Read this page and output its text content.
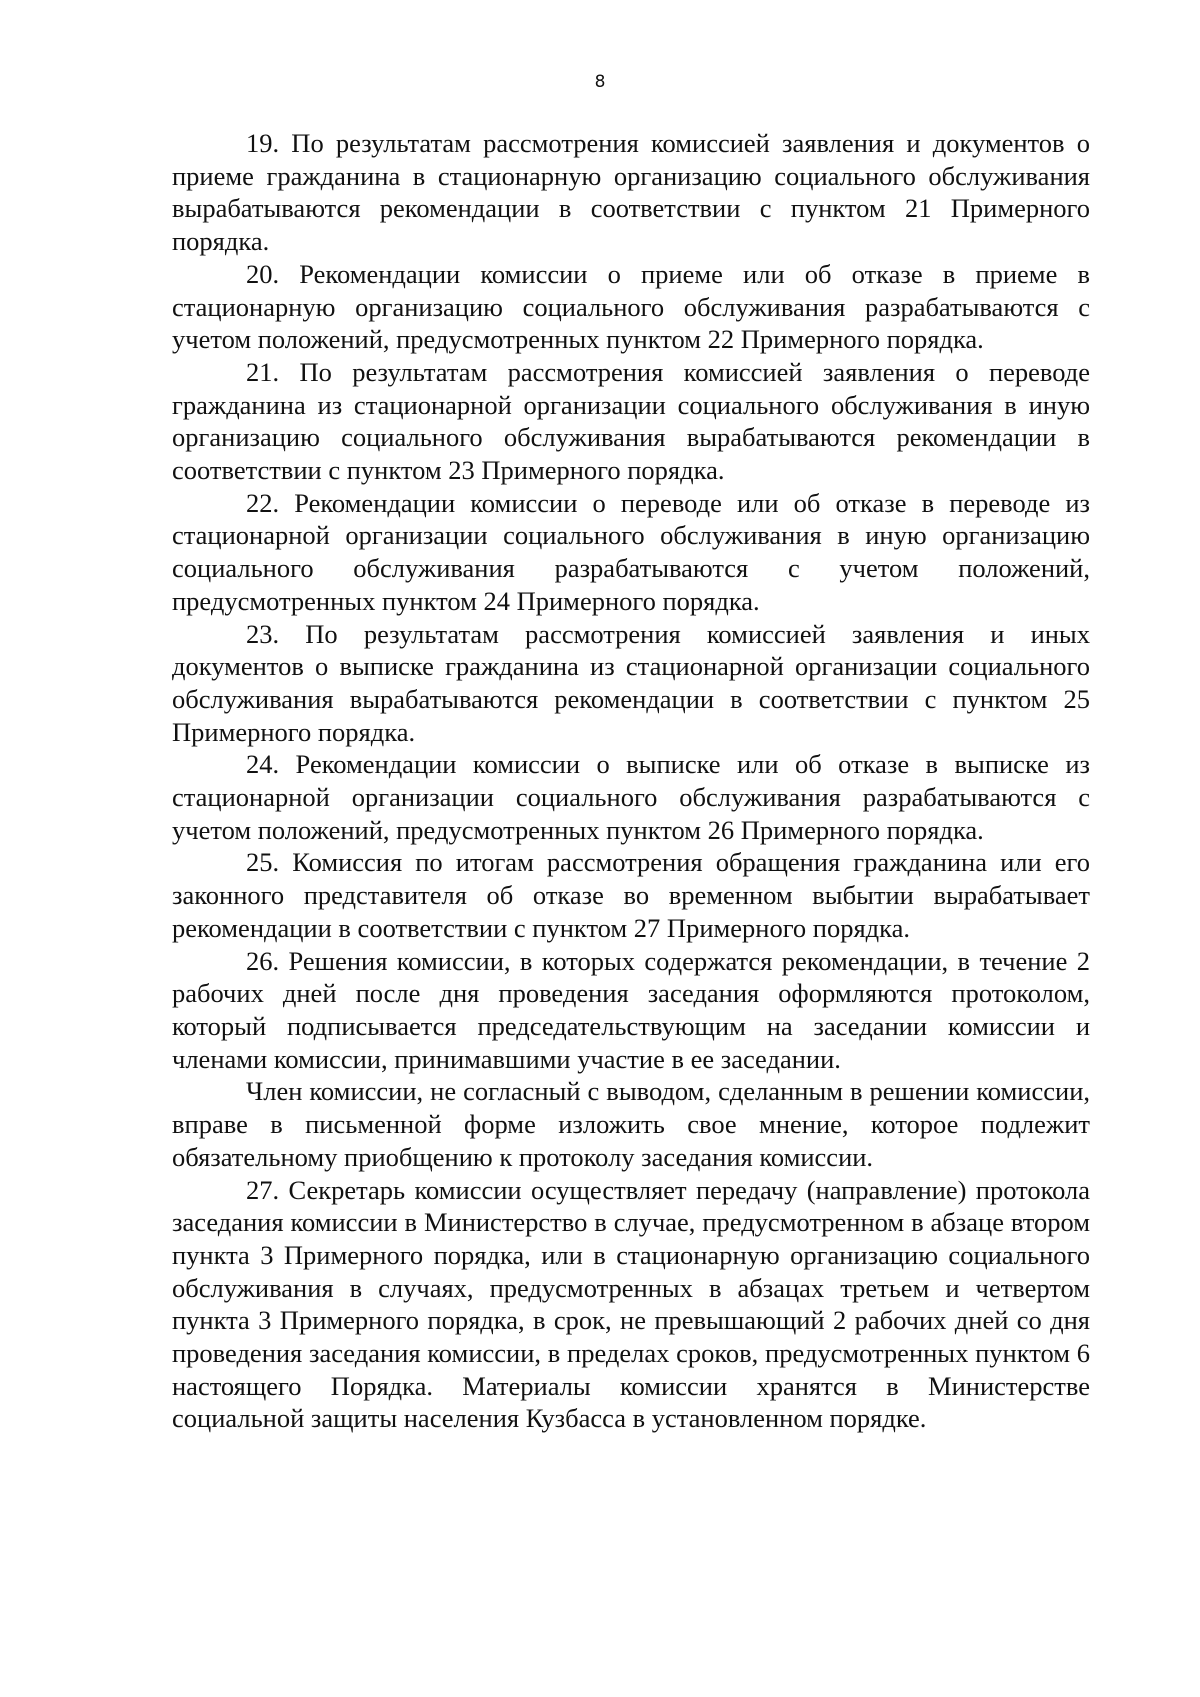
8

19. По результатам рассмотрения комиссией заявления и документов о приеме гражданина в стационарную организацию социального обслуживания вырабатываются рекомендации в соответствии с пунктом 21 Примерного порядка.

20. Рекомендации комиссии о приеме или об отказе в приеме в стационарную организацию социального обслуживания разрабатываются с учетом положений, предусмотренных пунктом 22 Примерного порядка.

21. По результатам рассмотрения комиссией заявления о переводе гражданина из стационарной организации социального обслуживания в иную организацию социального обслуживания вырабатываются рекомендации в соответствии с пунктом 23 Примерного порядка.

22. Рекомендации комиссии о переводе или об отказе в переводе из стационарной организации социального обслуживания в иную организацию социального обслуживания разрабатываются с учетом положений, предусмотренных пунктом 24 Примерного порядка.

23. По результатам рассмотрения комиссией заявления и иных документов о выписке гражданина из стационарной организации социального обслуживания вырабатываются рекомендации в соответствии с пунктом 25 Примерного порядка.

24. Рекомендации комиссии о выписке или об отказе в выписке из стационарной организации социального обслуживания разрабатываются с учетом положений, предусмотренных пунктом 26 Примерного порядка.

25. Комиссия по итогам рассмотрения обращения гражданина или его законного представителя об отказе во временном выбытии вырабатывает рекомендации в соответствии с пунктом 27 Примерного порядка.

26. Решения комиссии, в которых содержатся рекомендации, в течение 2 рабочих дней после дня проведения заседания оформляются протоколом, который подписывается председательствующим на заседании комиссии и членами комиссии, принимавшими участие в ее заседании.

Член комиссии, не согласный с выводом, сделанным в решении комиссии, вправе в письменной форме изложить свое мнение, которое подлежит обязательному приобщению к протоколу заседания комиссии.

27. Секретарь комиссии осуществляет передачу (направление) протокола заседания комиссии в Министерство в случае, предусмотренном в абзаце втором пункта 3 Примерного порядка, или в стационарную организацию социального обслуживания в случаях, предусмотренных в абзацах третьем и четвертом пункта 3 Примерного порядка, в срок, не превышающий 2 рабочих дней со дня проведения заседания комиссии, в пределах сроков, предусмотренных пунктом 6 настоящего Порядка. Материалы комиссии хранятся в Министерстве социальной защиты населения Кузбасса в установленном порядке.
